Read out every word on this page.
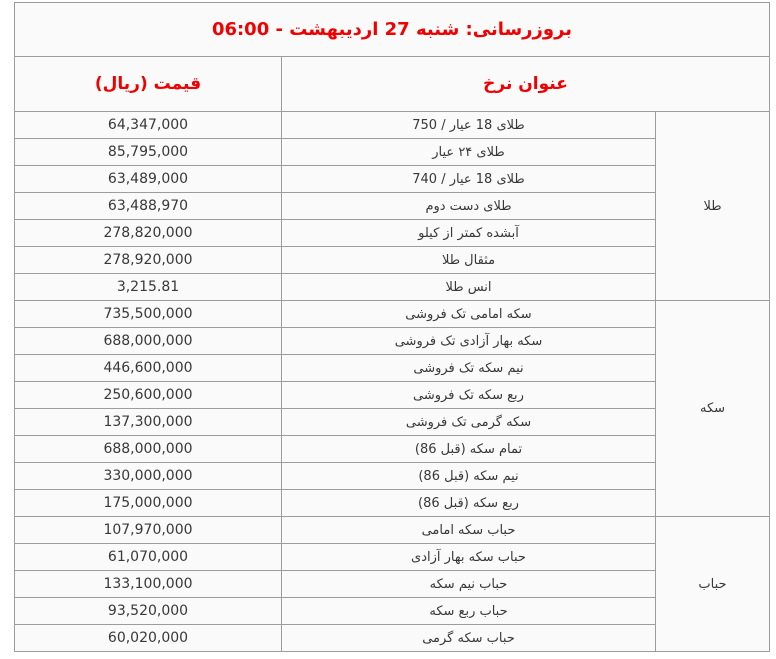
بروزرسانی: شنبه 27 اردیبهشت - 06:00		
عنوان نرخ		قیمت (ریال)
طلا	طلای 18 عیار / 750	64,347,000
	طلای ۲۴ عیار	85,795,000
	طلای 18 عیار / 740	63,489,000
	طلای دست دوم	63,488,970
	آبشده کمتر از کیلو	278,820,000
	مثقال طلا	278,920,000
	انس طلا	3,215.81
سکه	سکه امامی تک فروشی	735,500,000
	سکه بهار آزادی تک فروشی	688,000,000
	نیم سکه تک فروشی	446,600,000
	ربع سکه تک فروشی	250,600,000
	سکه گرمی تک فروشی	137,300,000
	تمام سکه (قبل 86)	688,000,000
	نیم سکه (قبل 86)	330,000,000
	ربع سکه (قبل 86)	175,000,000
حباب	حباب سکه امامی	107,970,000
	حباب سکه بهار آزادی	61,070,000
	حباب نیم سکه	133,100,000
	حباب ربع سکه	93,520,000
	حباب سکه گرمی	60,020,000
